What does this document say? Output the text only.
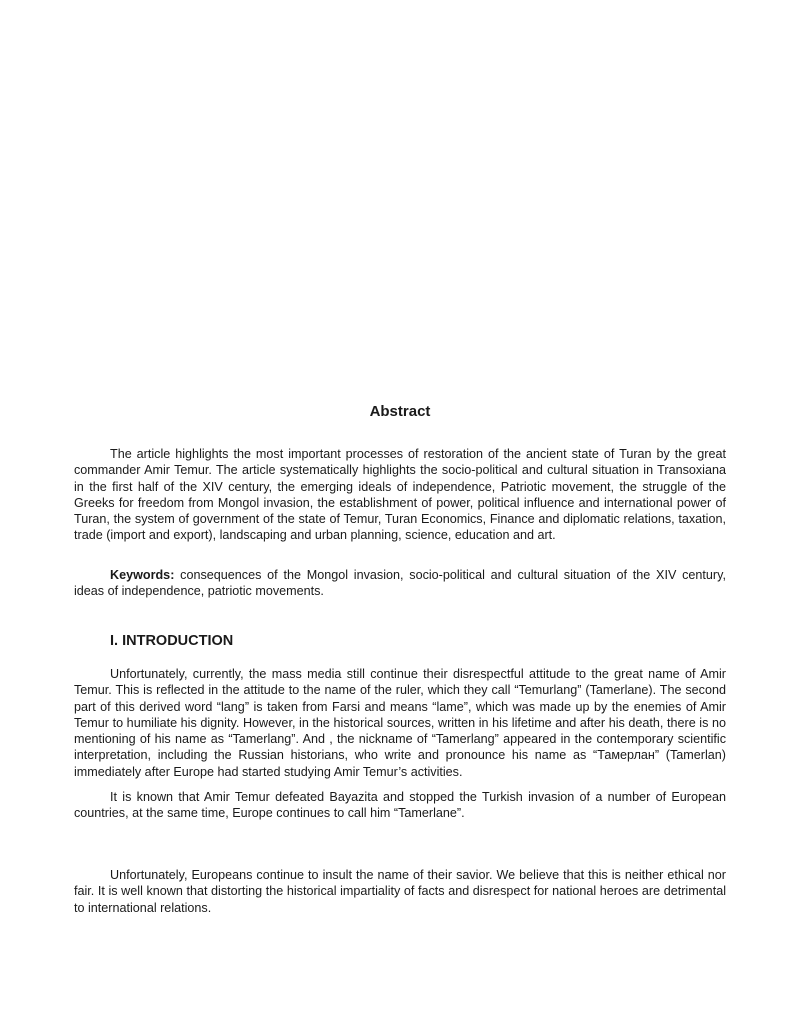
Abstract

The article highlights the most important processes of restoration of the ancient state of Turan by the great commander Amir Temur. The article systematically highlights the socio-political and cultural situation in Transoxiana in the first half of the XIV century, the emerging ideals of independence, Patriotic movement, the struggle of the Greeks for freedom from Mongol invasion, the establishment of power, political influence and international power of Turan, the system of government of the state of Temur, Turan Economics, Finance and diplomatic relations, taxation, trade (import and export), landscaping and urban planning, science, education and art.

Keywords: consequences of the Mongol invasion, socio-political and cultural situation of the XIV century, ideas of independence, patriotic movements.

I. INTRODUCTION

Unfortunately, currently, the mass media still continue their disrespectful attitude to the great name of Amir Temur. This is reflected in the attitude to the name of the ruler, which they call “Temurlang” (Tamerlane). The second part of this derived word “lang” is taken from Farsi and means “lame”, which was made up by the enemies of Amir Temur to humiliate his dignity. However, in the historical sources, written in his lifetime and after his death, there is no mentioning of his name as “Tamerlang”. And , the nickname of “Tamerlang” appeared in the contemporary scientific interpretation, including the Russian historians, who write and pronounce his name as “Тамерлан” (Tamerlan) immediately after Europe had started studying Amir Temur’s activities.

It is known that Amir Temur defeated Bayazita and stopped the Turkish invasion of a number of European countries, at the same time, Europe continues to call him “Tamerlane”.

Unfortunately, Europeans continue to insult the name of their savior. We believe that this is neither ethical nor fair. It is well known that distorting the historical impartiality of facts and disrespect for national heroes are detrimental to international relations.
